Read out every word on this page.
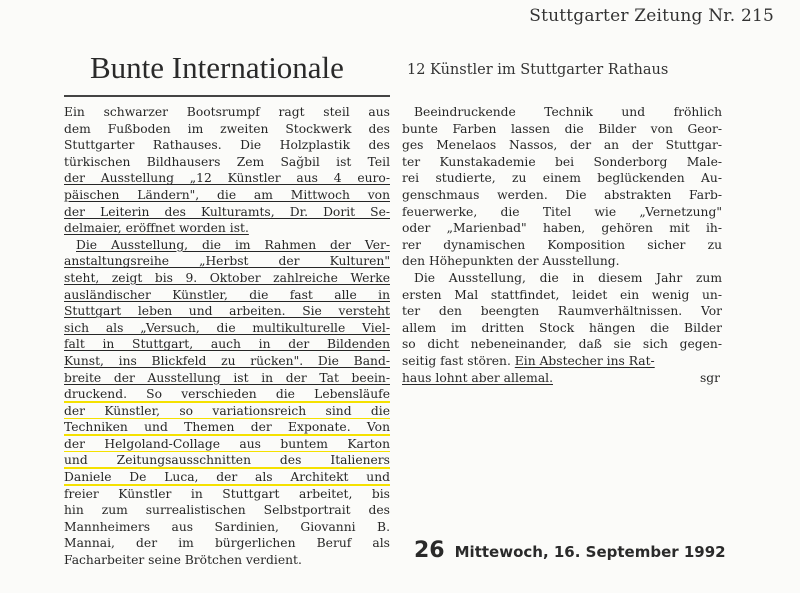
Stuttgarter Zeitung Nr. 215
Bunte Internationale	12 Künstler im Stuttgarter Rathaus
Ein schwarzer Bootsrumpf ragt steil aus
dem Fußboden im zweiten Stockwerk des
Stuttgarter Rathauses. Die Holzplastik des
türkischen Bildhausers Zem Sağbil ist Teil
der Ausstellung „12 Künstler aus 4 euro-
päischen Ländern", die am Mittwoch von
der Leiterin des Kulturamts, Dr. Dorit Se-
delmaier, eröffnet worden ist.
Die Ausstellung, die im Rahmen der Ver-
anstaltungsreihe „Herbst der Kulturen"
steht, zeigt bis 9. Oktober zahlreiche Werke
ausländischer Künstler, die fast alle in
Stuttgart leben und arbeiten. Sie versteht
sich als „Versuch, die multikulturelle Viel-
falt in Stuttgart, auch in der Bildenden
Kunst, ins Blickfeld zu rücken". Die Band-
breite der Ausstellung ist in der Tat beein-
druckend. So verschieden die Lebensläufe
der Künstler, so variationsreich sind die
Techniken und Themen der Exponate. Von
der Helgoland-Collage aus buntem Karton
und Zeitungsausschnitten des Italieners
Daniele De Luca, der als Architekt und
freier Künstler in Stuttgart arbeitet, bis
hin zum surrealistischen Selbstportrait des
Mannheimers aus Sardinien, Giovanni B.
Mannai, der im bürgerlichen Beruf als
Facharbeiter seine Brötchen verdient.
Beeindruckende Technik und fröhlich
bunte Farben lassen die Bilder von Geor-
ges Menelaos Nassos, der an der Stuttgar-
ter Kunstakademie bei Sonderborg Male-
rei studierte, zu einem beglückenden Au-
genschmaus werden. Die abstrakten Farb-
feuerwerke, die Titel wie „Vernetzung"
oder „Marienbad" haben, gehören mit ih-
rer dynamischen Komposition sicher zu
den Höhepunkten der Ausstellung.
Die Ausstellung, die in diesem Jahr zum
ersten Mal stattfindet, leidet ein wenig un-
ter den beengten Raumverhältnissen. Vor
allem im dritten Stock hängen die Bilder
so dicht nebeneinander, daß sie sich gegen-
seitig fast stören. Ein Abstecher ins Rat-
haus lohnt aber allemal.	sgr
26 Mittewoch, 16. September 1992
